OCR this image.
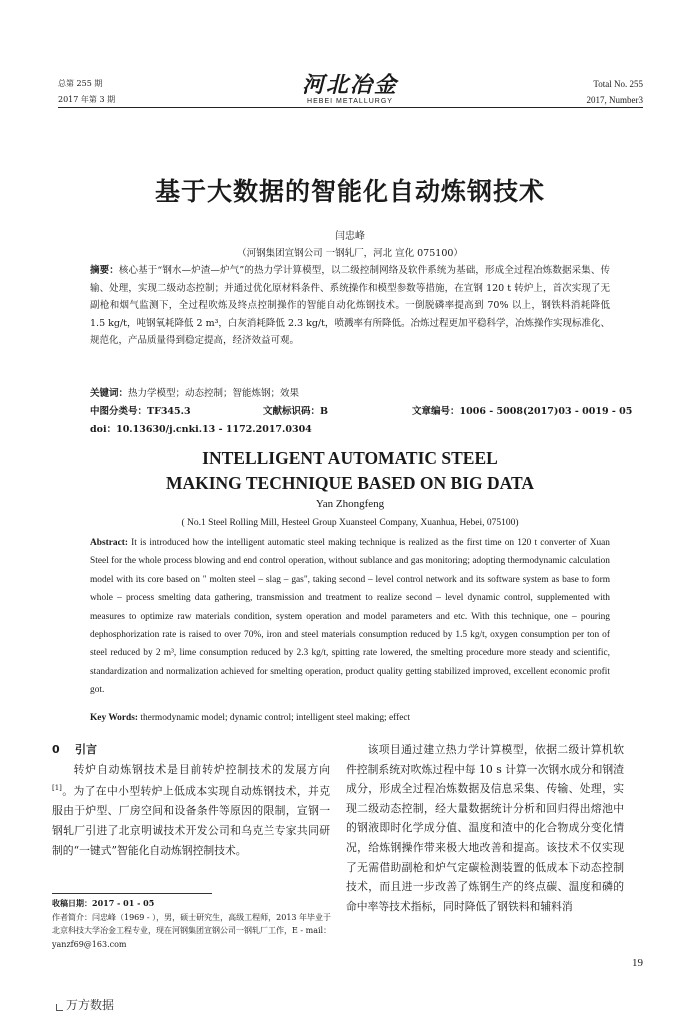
总第 255 期
2017 年第 3 期
河北冶金
HEBEI METALLURGY
Total No. 255
2017, Number3
基于大数据的智能化自动炼钢技术
闫忠峰
（河钢集团宣钢公司 一钢轧厂，河北 宣化 075100）
摘要：核心基于“钢水—炉渣—炉气”的热力学计算模型，以二级控制网络及软件系统为基础，形成全过程冶炼数据采集、传输、处理，实现二级动态控制；并通过优化原材料条件、系统操作和模型参数等措施，在宣钢 120 t 转炉上，首次实现了无副枪和烟气监测下，全过程吹炼及终点控制操作的智能自动化炼钢技术。一倒脱磷率提高到 70% 以上，钢铁料消耗降低 1.5 kg/t，吨钢氧耗降低 2 m³，白灰消耗降低 2.3 kg/t，喷溅率有所降低。冶炼过程更加平稳科学，冶炼操作实现标准化、规范化，产品质量得到稳定提高，经济效益可观。
关键词：热力学模型；动态控制；智能炼钢；效果
中图分类号：TF345.3	文献标识码：B	文章编号：1006 - 5008(2017)03 - 0019 - 05
doi：10.13630/j.cnki.13 - 1172.2017.0304
INTELLIGENT AUTOMATIC STEEL
MAKING TECHNIQUE BASED ON BIG DATA
Yan Zhongfeng
( No.1 Steel Rolling Mill, Hesteel Group Xuansteel Company, Xuanhua, Hebei, 075100)
Abstract: It is introduced how the intelligent automatic steel making technique is realized as the first time on 120 t converter of Xuan Steel for the whole process blowing and end control operation, without sublance and gas monitoring; adopting thermodynamic calculation model with its core based on " molten steel – slag – gas", taking second – level control network and its software system as base to form whole – process smelting data gathering, transmission and treatment to realize second – level dynamic control, supplemented with measures to optimize raw materials condition, system operation and model parameters and etc. With this technique, one – pouring dephosphorization rate is raised to over 70%, iron and steel materials consumption reduced by 1.5 kg/t, oxygen consumption per ton of steel reduced by 2 m³, lime consumption reduced by 2.3 kg/t, spitting rate lowered, the smelting procedure more steady and scientific, standardization and normalization achieved for smelting operation, product quality getting stabilized improved, excellent economic profit got.
Key Words: thermodynamic model; dynamic control; intelligent steel making; effect
0 引言
转炉自动炼钢技术是目前转炉控制技术的发展方向[1]。为了在中小型转炉上低成本实现自动炼钢技术，并克服由于炉型、厂房空间和设备条件等原因的限制，宣钢一钢轧厂引进了北京明诚技术开发公司和乌克兰专家共同研制的“一键式”智能化自动炼钢控制技术。
收稿日期：2017 - 01 - 05
作者简介：闫忠峰（1969 - ），男，硕士研究生，高级工程师，2013 年毕业于北京科技大学冶金工程专业，现在河钢集团宣钢公司一钢轧厂工作，E - mail：yanzf69@163.com
该项目通过建立热力学计算模型，依据二级计算机软件控制系统对吹炼过程中每 10 s 计算一次钢水成分和钢渣成分，形成全过程冶炼数据及信息采集、传输、处理，实现二级动态控制，经大量数据统计分析和回归得出熔池中的钢液即时化学成分值、温度和渣中的化合物成分变化情况，给炼钢操作带来极大地改善和提高。该技术不仅实现了无需借助副枪和炉气定碳检测装置的低成本下动态控制技术，而且进一步改善了炼钢生产的终点碳、温度和磷的命中率等技术指标，同时降低了钢铁料和辅料消
19
万方数据
